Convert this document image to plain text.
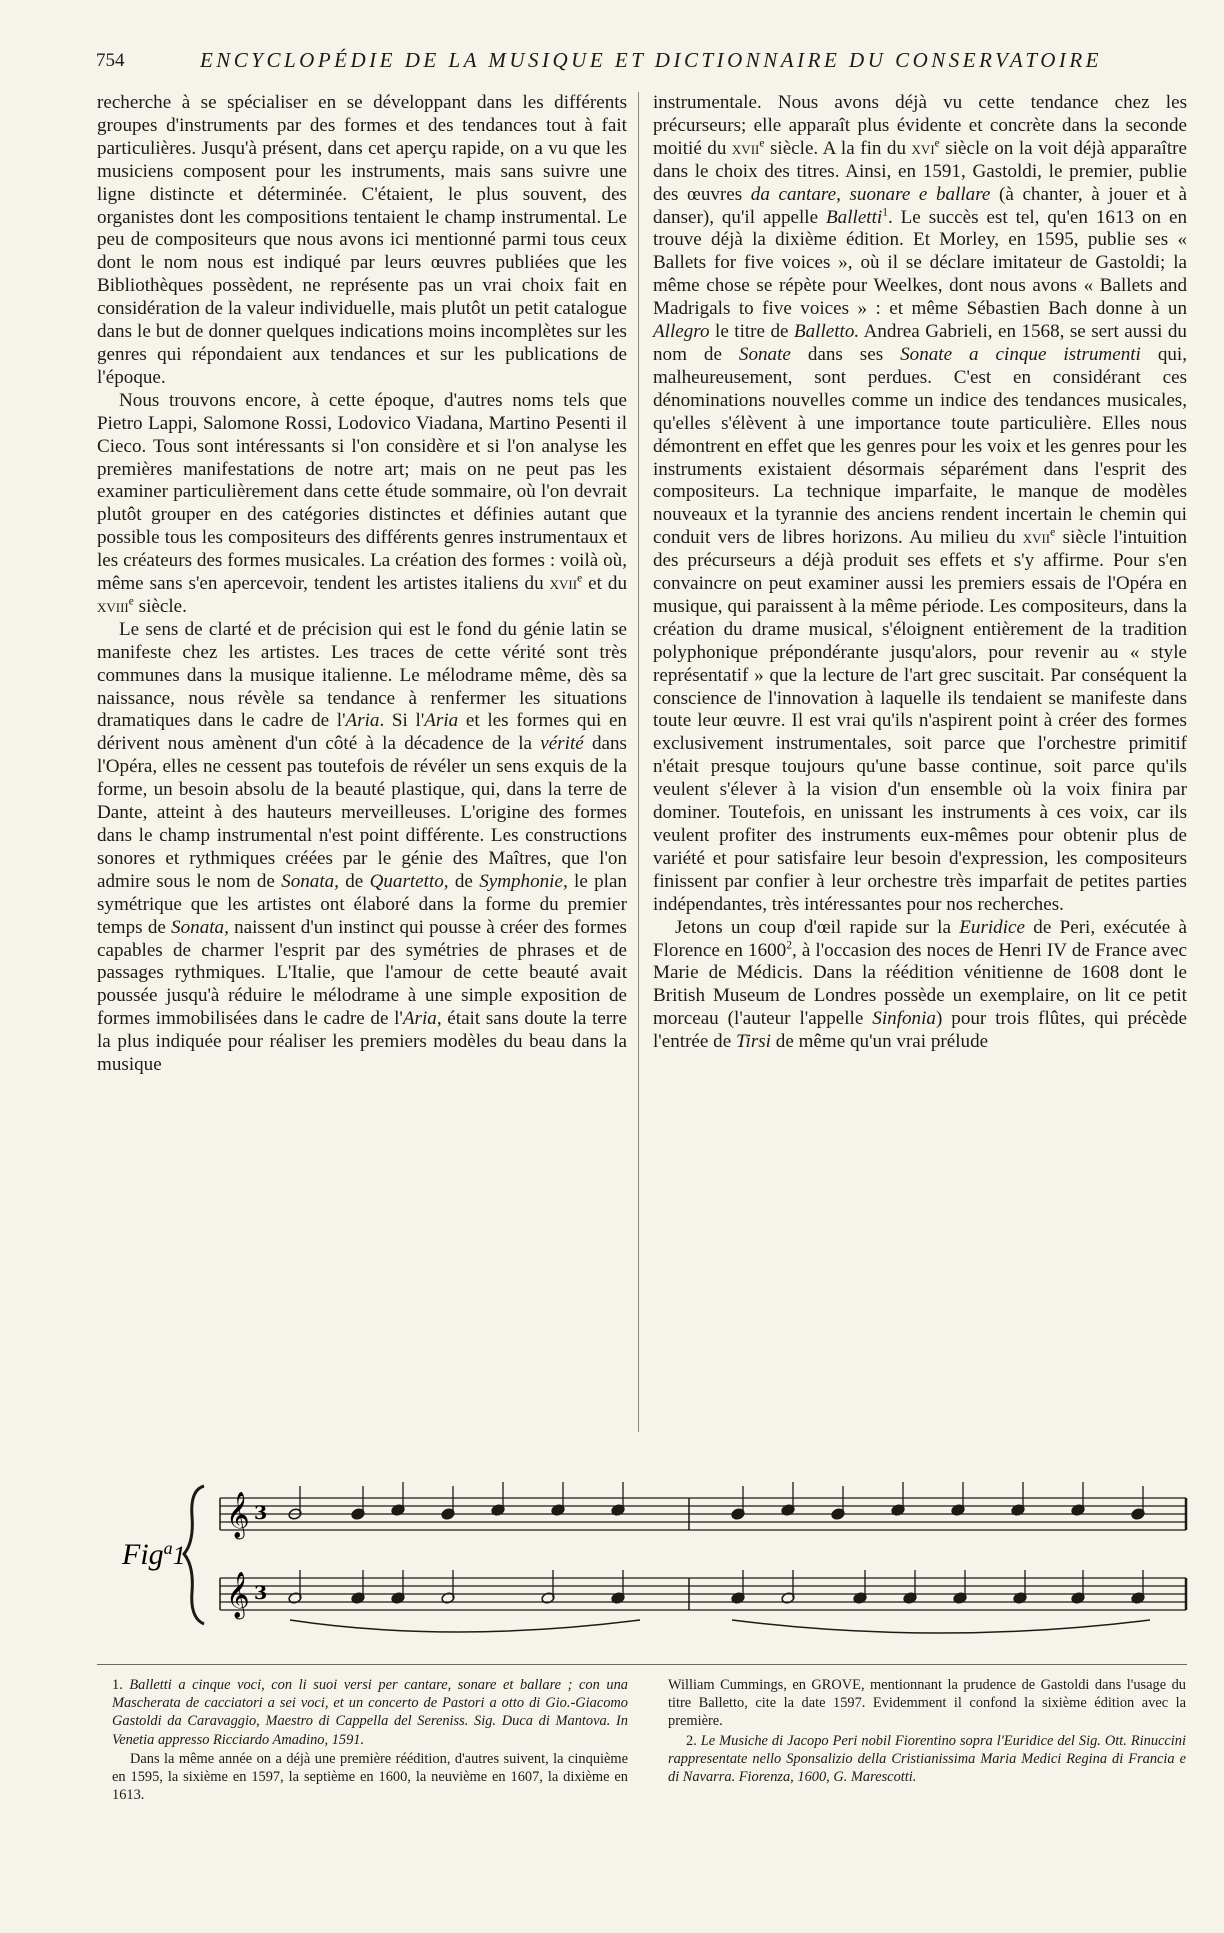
754	ENCYCLOPÉDIE DE LA MUSIQUE ET DICTIONNAIRE DU CONSERVATOIRE

recherche à se spécialiser en se développant dans les différents groupes d'instruments par des formes et des tendances tout à fait particulières. Jusqu'à présent, dans cet aperçu rapide, on a vu que les musiciens composent pour les instruments, mais sans suivre une ligne distincte et déterminée. C'étaient, le plus souvent, des organistes dont les compositions tentaient le champ instrumental. Le peu de compositeurs que nous avons ici mentionné parmi tous ceux dont le nom nous est indiqué par leurs œuvres publiées que les Bibliothèques possèdent, ne représente pas un vrai choix fait en considération de la valeur individuelle, mais plutôt un petit catalogue dans le but de donner quelques indications moins incomplètes sur les genres qui répondaient aux tendances et sur les publications de l'époque.

Nous trouvons encore, à cette époque, d'autres noms tels que Pietro Lappi, Salomone Rossi, Lodovico Viadana, Martino Pesenti il Cieco. Tous sont intéressants si l'on considère et si l'on analyse les premières manifestations de notre art; mais on ne peut pas les examiner particulièrement dans cette étude sommaire, où l'on devrait plutôt grouper en des catégories distinctes et définies autant que possible tous les compositeurs des différents genres instrumentaux et les créateurs des formes musicales. La création des formes : voilà où, même sans s'en apercevoir, tendent les artistes italiens du xvii$^e$ et du xviii$^e$ siècle.

Le sens de clarté et de précision qui est le fond du génie latin se manifeste chez les artistes. Les traces de cette vérité sont très communes dans la musique italienne. Le mélodrame même, dès sa naissance, nous révèle sa tendance à renfermer les situations dramatiques dans le cadre de l'Aria. Si l'Aria et les formes qui en dérivent nous amènent d'un côté à la décadence de la vérité dans l'Opéra, elles ne cessent pas toutefois de révéler un sens exquis de la forme, un besoin absolu de la beauté plastique, qui, dans la terre de Dante, atteint à des hauteurs merveilleuses. L'origine des formes dans le champ instrumental n'est point différente. Les constructions sonores et rythmiques créées par le génie des Maîtres, que l'on admire sous le nom de Sonata, de Quartetto, de Symphonie, le plan symétrique que les artistes ont élaboré dans la forme du premier temps de Sonata, naissent d'un instinct qui pousse à créer des formes capables de charmer l'esprit par des symétries de phrases et de passages rythmiques. L'Italie, que l'amour de cette beauté avait poussée jusqu'à réduire le mélodrame à une simple exposition de formes immobilisées dans le cadre de l'Aria, était sans doute la terre la plus indiquée pour réaliser les premiers modèles du beau dans la musique

instrumentale. Nous avons déjà vu cette tendance chez les précurseurs; elle apparaît plus évidente et concrète dans la seconde moitié du xvii$^e$ siècle. A la fin du xvi$^e$ siècle on la voit déjà apparaître dans le choix des titres. Ainsi, en 1591, Gastoldi, le premier, publie des œuvres da cantare, suonare e ballare (à chanter, à jouer et à danser), qu'il appelle Balletti$^1$. Le succès est tel, qu'en 1613 on en trouve déjà la dixième édition. Et Morley, en 1595, publie ses « Ballets for five voices », où il se déclare imitateur de Gastoldi; la même chose se répète pour Weelkes, dont nous avons « Ballets and Madrigals to five voices » : et même Sébastien Bach donne à un Allegro le titre de Balletto. Andrea Gabrieli, en 1568, se sert aussi du nom de Sonate dans ses Sonate a cinque istrumenti qui, malheureusement, sont perdues. C'est en considérant ces dénominations nouvelles comme un indice des tendances musicales, qu'elles s'élèvent à une importance toute particulière. Elles nous démontrent en effet que les genres pour les voix et les genres pour les instruments existaient désormais séparément dans l'esprit des compositeurs. La technique imparfaite, le manque de modèles nouveaux et la tyrannie des anciens rendent incertain le chemin qui conduit vers de libres horizons. Au milieu du xvii$^e$ siècle l'intuition des précurseurs a déjà produit ses effets et s'y affirme. Pour s'en convaincre on peut examiner aussi les premiers essais de l'Opéra en musique, qui paraissent à la même période. Les compositeurs, dans la création du drame musical, s'éloignent entièrement de la tradition polyphonique prépondérante jusqu'alors, pour revenir au « style représentatif » que la lecture de l'art grec suscitait. Par conséquent la conscience de l'innovation à laquelle ils tendaient se manifeste dans toute leur œuvre. Il est vrai qu'ils n'aspirent point à créer des formes exclusivement instrumentales, soit parce que l'orchestre primitif n'était presque toujours qu'une basse continue, soit parce qu'ils veulent s'élever à la vision d'un ensemble où la voix finira par dominer. Toutefois, en unissant les instruments à ces voix, car ils veulent profiter des instruments eux-mêmes pour obtenir plus de variété et pour satisfaire leur besoin d'expression, les compositeurs finissent par confier à leur orchestre très imparfait de petites parties indépendantes, très intéressantes pour nos recherches.

Jetons un coup d'œil rapide sur la Euridice de Peri, exécutée à Florence en 1600$^2$, à l'occasion des noces de Henri IV de France avec Marie de Médicis. Dans la réédition vénitienne de 1608 dont le British Museum de Londres possède un exemplaire, on lit ce petit morceau (l'auteur l'appelle Sinfonia) pour trois flûtes, qui précède l'entrée de Tirsi de même qu'un vrai prélude

Fig$^a$1
𝄞 3
𝄞 3

1. Balletti a cinque voci, con li suoi versi per cantare, sonare et ballare ; con una Mascherata de cacciatori a sei voci, et un concerto de Pastori a otto di Gio.-Giacomo Gastoldi da Caravaggio, Maestro di Cappella del Sereniss. Sig. Duca di Mantova. In Venetia appresso Ricciardo Amadino, 1591.

Dans la même année on a déjà une première réédition, d'autres suivent, la cinquième en 1595, la sixième en 1597, la septième en 1600, la neuvième en 1607, la dixième en 1613.

William Cummings, en GROVE, mentionnant la prudence de Gastoldi dans l'usage du titre Balletto, cite la date 1597. Evidemment il confond la sixième édition avec la première.

2. Le Musiche di Jacopo Peri nobil Fiorentino sopra l'Euridice del Sig. Ott. Rinuccini rappresentate nello Sponsalizio della Cristianissima Maria Medici Regina di Francia e di Navarra. Fiorenza, 1600, G. Marescotti.
